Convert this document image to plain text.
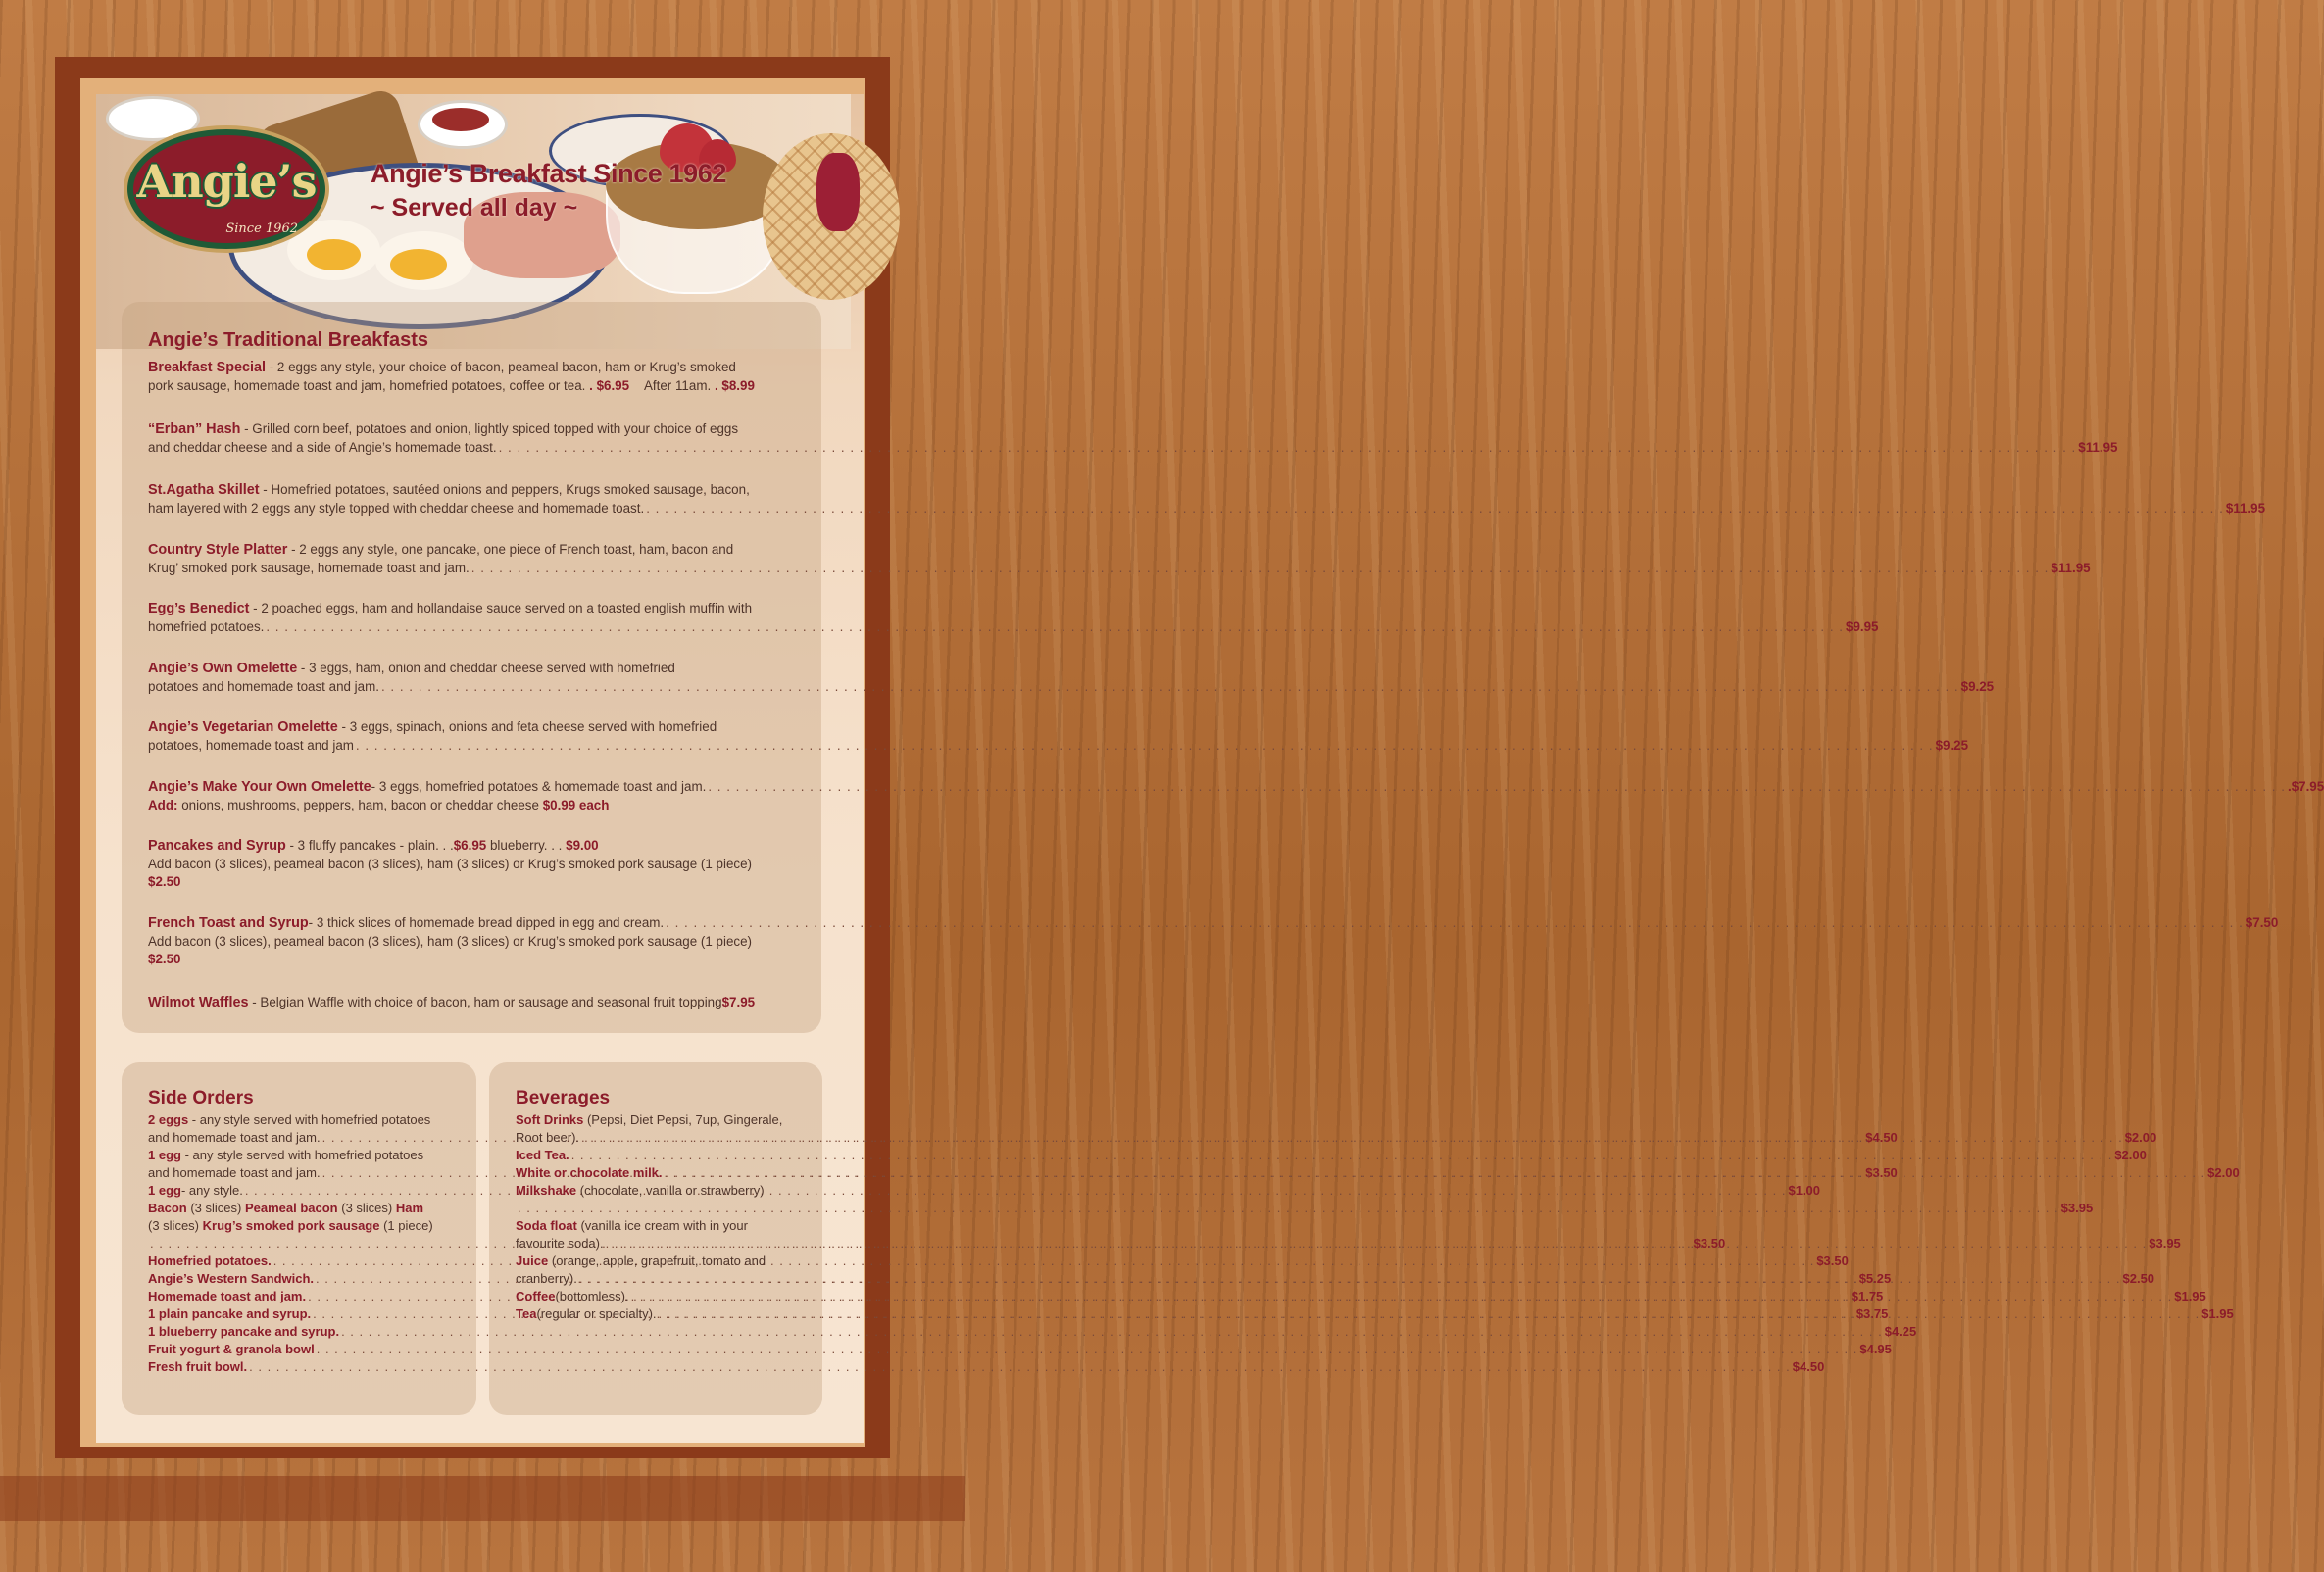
Angie’s
Since 1962
Angie’s Breakfast Since 1962
~ Served all day ~
Angie’s Traditional Breakfasts
Breakfast Special - 2 eggs any style, your choice of bacon, peameal bacon, ham or Krug’s smoked
pork sausage, homemade toast and jam, homefried potatoes, coffee or tea. . $6.95 After 11am. . $8.99
“Erban” Hash - Grilled corn beef, potatoes and onion, lightly spiced topped with your choice of eggs
and cheddar cheese and a side of Angie’s homemade toast. . . .	$11.95
St.Agatha Skillet - Homefried potatoes, sautéed onions and peppers, Krugs smoked sausage, bacon,
ham layered with 2 eggs any style topped with cheddar cheese and homemade toast. . . .	$11.95
Country Style Platter - 2 eggs any style, one pancake, one piece of French toast, ham, bacon and
Krug’ smoked pork sausage, homemade toast and jam. . . .	$11.95
Egg’s Benedict - 2 poached eggs, ham and hollandaise sauce served on a toasted english muffin with
homefried potatoes. . . .	$9.95
Angie’s Own Omelette - 3 eggs, ham, onion and cheddar cheese served with homefried
potatoes and homemade toast and jam. . . .	$9.25
Angie’s Vegetarian Omelette - 3 eggs, spinach, onions and feta cheese served with homefried
potatoes, homemade toast and jam . . .	$9.25
Angie’s Make Your Own Omelette - 3 eggs, homefried potatoes & homemade toast and jam. . . .	.$7.95
Add: onions, mushrooms, peppers, ham, bacon or cheddar cheese $0.99 each
Pancakes and Syrup - 3 fluffy pancakes - plain. . .$6.95 blueberry. . . $9.00
Add bacon (3 slices), peameal bacon (3 slices), ham (3 slices) or Krug’s smoked pork sausage (1 piece)
$2.50
French Toast and Syrup - 3 thick slices of homemade bread dipped in egg and cream. . . .	$7.50
Add bacon (3 slices), peameal bacon (3 slices), ham (3 slices) or Krug’s smoked pork sausage (1 piece)
$2.50
Wilmot Waffles - Belgian Waffle with choice of bacon, ham or sausage and seasonal fruit topping$7.95
Side Orders
2 eggs - any style served with homefried potatoes
and homemade toast and jam. . . .	$4.50
1 egg - any style served with homefried potatoes
and homemade toast and jam. . . .	$3.50
1 egg - any style. . . .	$1.00
Bacon (3 slices) Peameal bacon (3 slices) Ham
(3 slices) Krug’s smoked pork sausage (1 piece)
. . .
$3.50
Homefried potatoes. . . .	$3.50
Angie’s Western Sandwich. . . .	$5.25
Homemade toast and jam. . . .	$1.75
1 plain pancake and syrup. . . .	$3.75
1 blueberry pancake and syrup. . . .	$4.25
Fruit yogurt & granola bowl . . .	$4.95
Fresh fruit bowl. . . .	$4.50
Beverages
Soft Drinks (Pepsi, Diet Pepsi, 7up, Gingerale,
Root beer). . . .	$2.00
Iced Tea. . . .	$2.00
White or chocolate milk. . . .	$2.00
Milkshake (chocolate, vanilla or strawberry)
. . .
$3.95
Soda float (vanilla ice cream with in your
favourite soda). . . .	$3.95
Juice (orange, apple, grapefruit, tomato and
cranberry). . . .	$2.50
Coffee (bottomless). . . .	$1.95
Tea (regular or specialty). . . .	$1.95
